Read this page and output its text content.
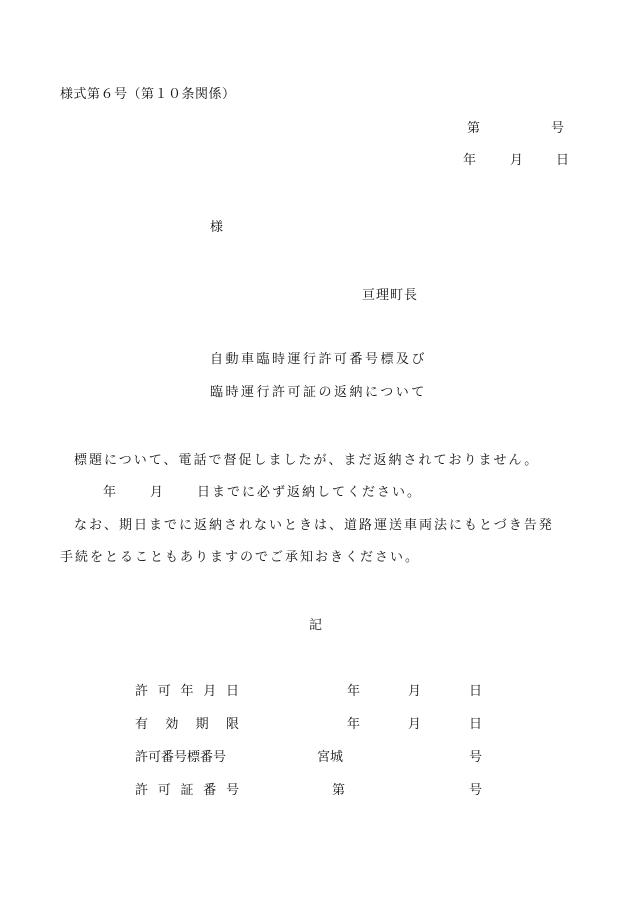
様式第６号（第１０条関係）
第	号
年	月	日
様
亘理町長
自動車臨時運行許可番号標及び
臨時運行許可証の返納について
標題について、電話で督促しましたが、まだ返納されておりません。
年	月	日までに必ず返納してください。
なお、期日までに返納されないときは、道路運送車両法にもとづき告発
手続をとることもありますのでご承知おきください。
記
許 可 年 月 日	年	月	日
有 効 期 限	年	月	日
許可番号標番号	宮城	号
許 可 証 番 号	第	号
